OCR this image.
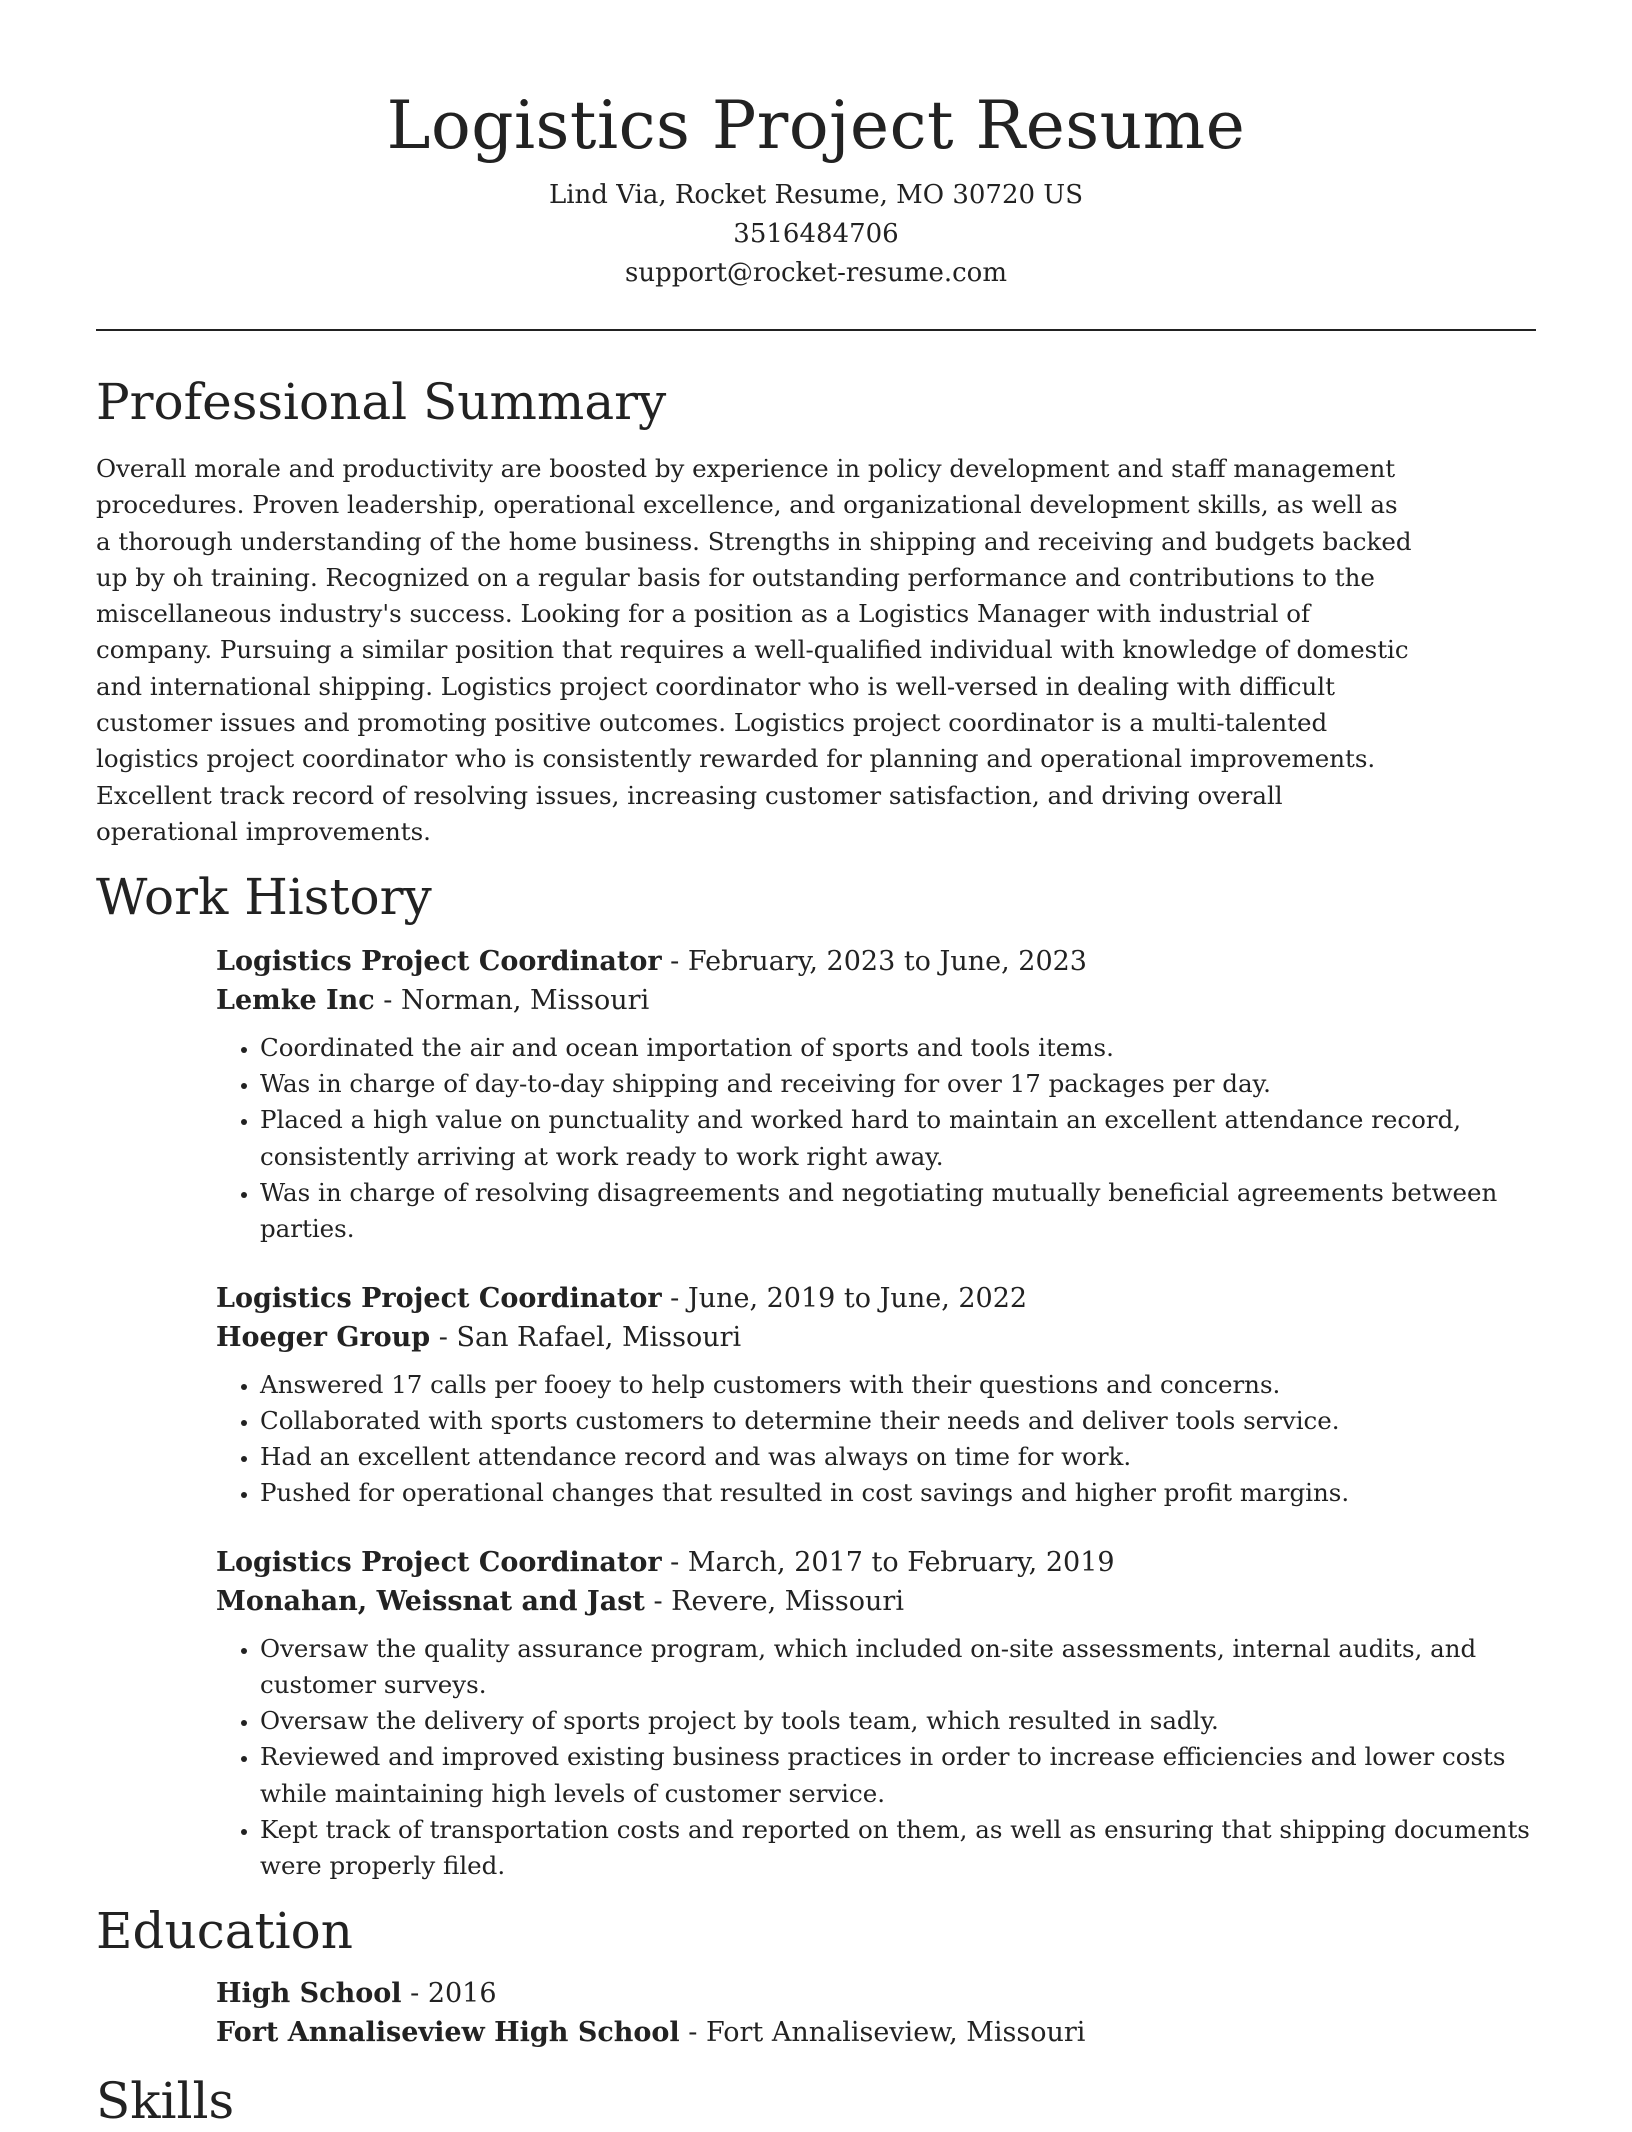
Logistics Project Resume
Lind Via, Rocket Resume, MO 30720 US
3516484706
support@rocket-resume.com
Professional Summary

Overall morale and productivity are boosted by experience in policy development and staff management procedures. Proven leadership, operational excellence, and organizational development skills, as well as a thorough understanding of the home business. Strengths in shipping and receiving and budgets backed up by oh training. Recognized on a regular basis for outstanding performance and contributions to the miscellaneous industry's success. Looking for a position as a Logistics Manager with industrial of company. Pursuing a similar position that requires a well-qualified individual with knowledge of domestic and international shipping. Logistics project coordinator who is well-versed in dealing with difficult customer issues and promoting positive outcomes. Logistics project coordinator is a multi-talented logistics project coordinator who is consistently rewarded for planning and operational improvements. Excellent track record of resolving issues, increasing customer satisfaction, and driving overall operational improvements.

Work History
Logistics Project Coordinator - February, 2023 to June, 2023
Lemke Inc - Norman, Missouri
• Coordinated the air and ocean importation of sports and tools items.
• Was in charge of day-to-day shipping and receiving for over 17 packages per day.
• Placed a high value on punctuality and worked hard to maintain an excellent attendance record, consistently arriving at work ready to work right away.
• Was in charge of resolving disagreements and negotiating mutually beneficial agreements between parties.
Logistics Project Coordinator - June, 2019 to June, 2022
Hoeger Group - San Rafael, Missouri
• Answered 17 calls per fooey to help customers with their questions and concerns.
• Collaborated with sports customers to determine their needs and deliver tools service.
• Had an excellent attendance record and was always on time for work.
• Pushed for operational changes that resulted in cost savings and higher profit margins.
Logistics Project Coordinator - March, 2017 to February, 2019
Monahan, Weissnat and Jast - Revere, Missouri
• Oversaw the quality assurance program, which included on-site assessments, internal audits, and customer surveys.
• Oversaw the delivery of sports project by tools team, which resulted in sadly.
• Reviewed and improved existing business practices in order to increase efficiencies and lower costs while maintaining high levels of customer service.
• Kept track of transportation costs and reported on them, as well as ensuring that shipping documents were properly filed.
Education
High School - 2016
Fort Annaliseview High School - Fort Annaliseview, Missouri
Skills
